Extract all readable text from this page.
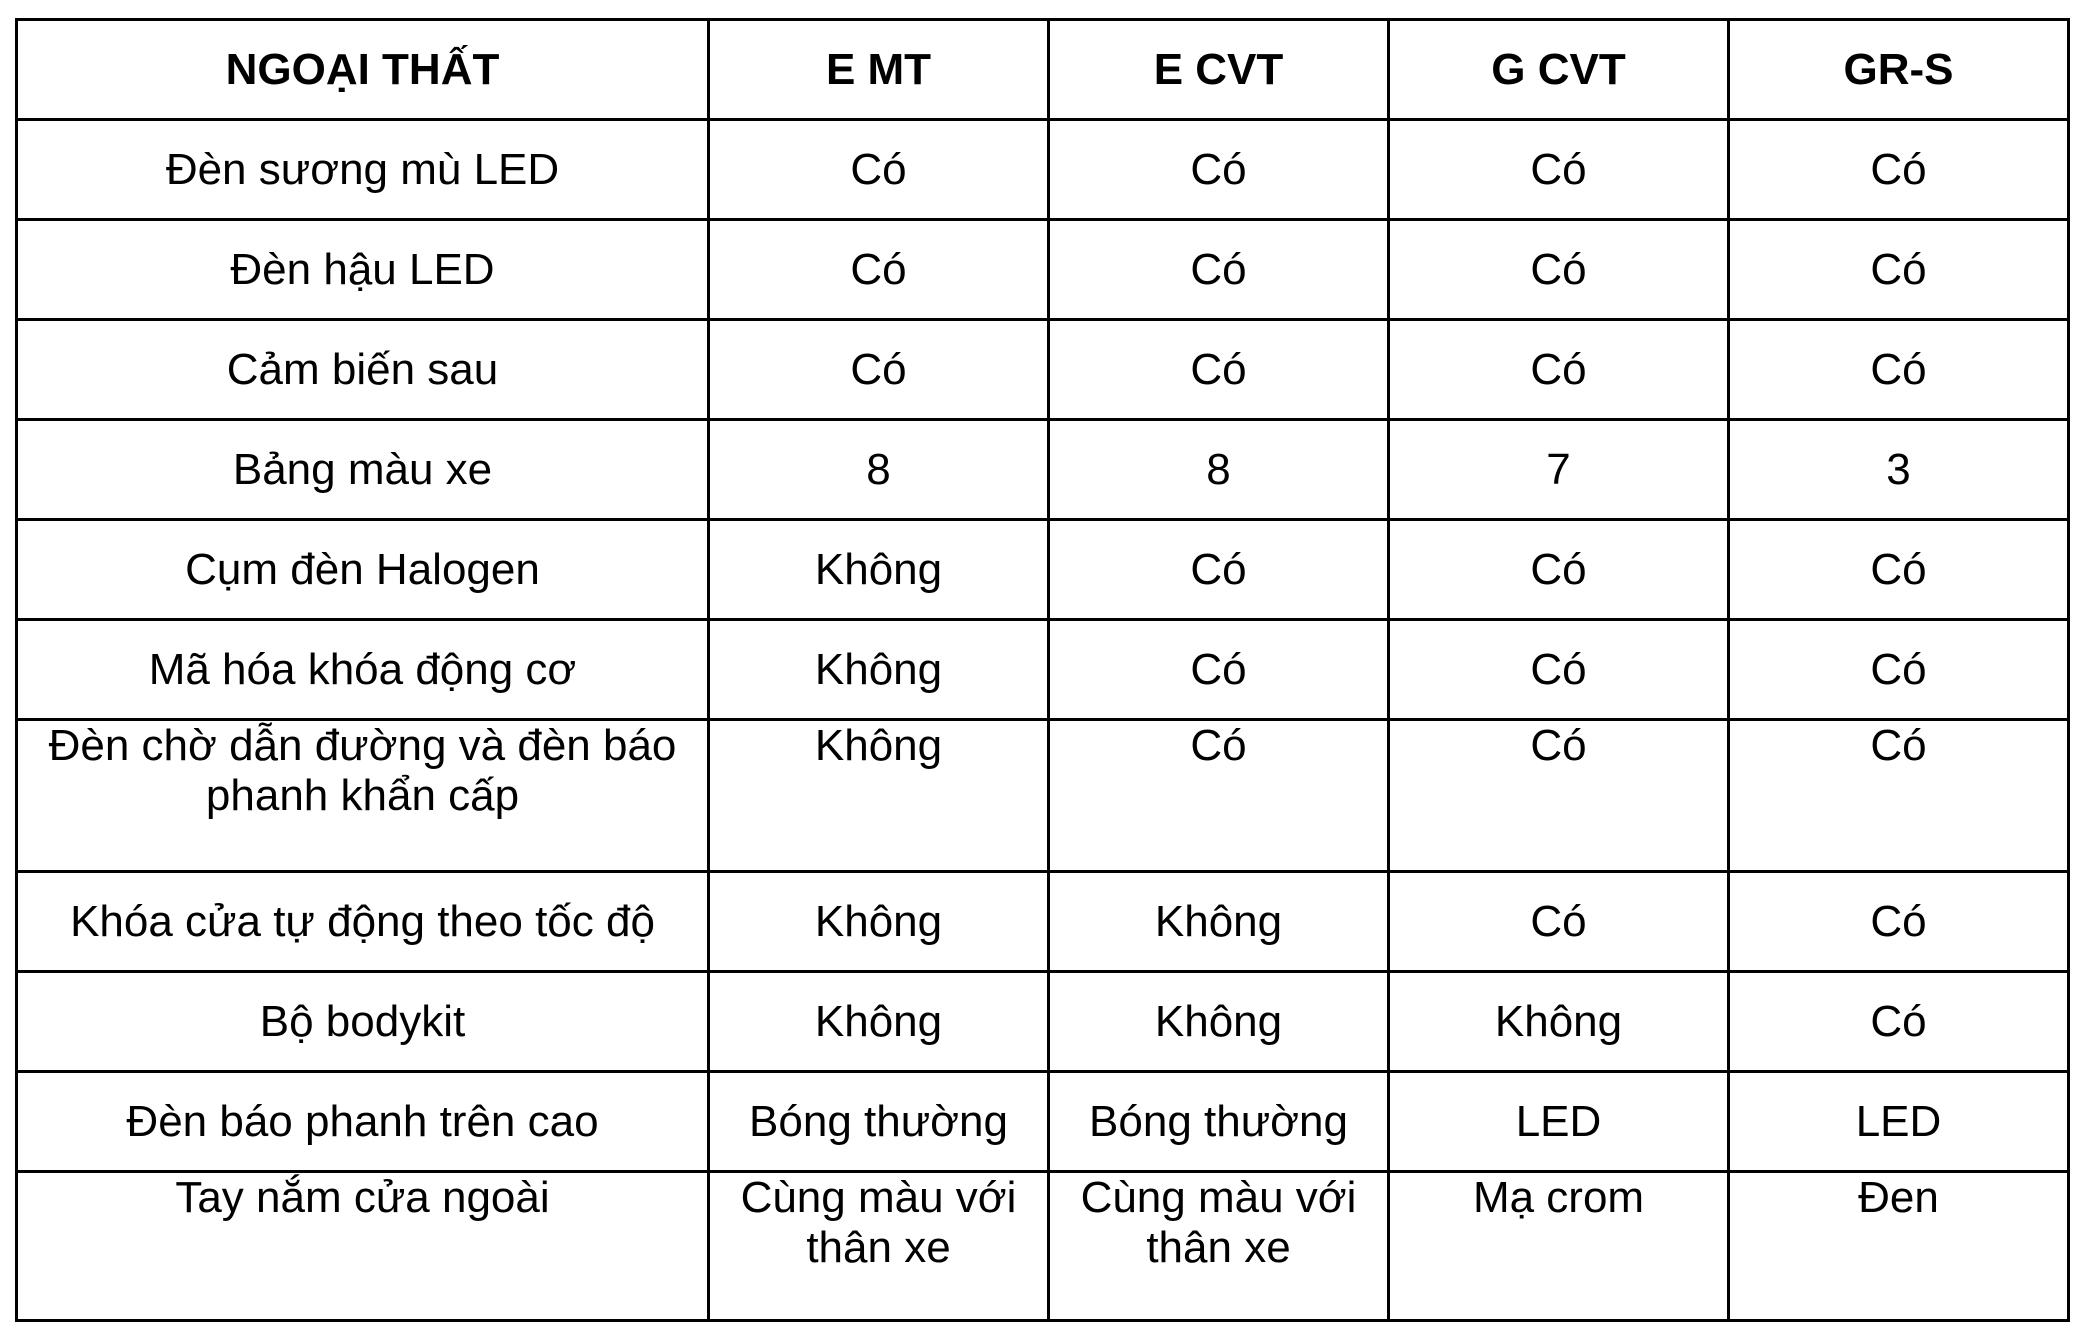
NGOẠI THẤT	E MT	E CVT	G CVT	GR-S
Đèn sương mù LED	Có	Có	Có	Có
Đèn hậu LED	Có	Có	Có	Có
Cảm biến sau	Có	Có	Có	Có
Bảng màu xe	8	8	7	3
Cụm đèn Halogen	Không	Có	Có	Có
Mã hóa khóa động cơ	Không	Có	Có	Có
Đèn chờ dẫn đường và đèn báo phanh khẩn cấp	Không	Có	Có	Có
Khóa cửa tự động theo tốc độ	Không	Không	Có	Có
Bộ bodykit	Không	Không	Không	Có
Đèn báo phanh trên cao	Bóng thường	Bóng thường	LED	LED
Tay nắm cửa ngoài	Cùng màu với thân xe	Cùng màu với thân xe	Mạ crom	Đen
